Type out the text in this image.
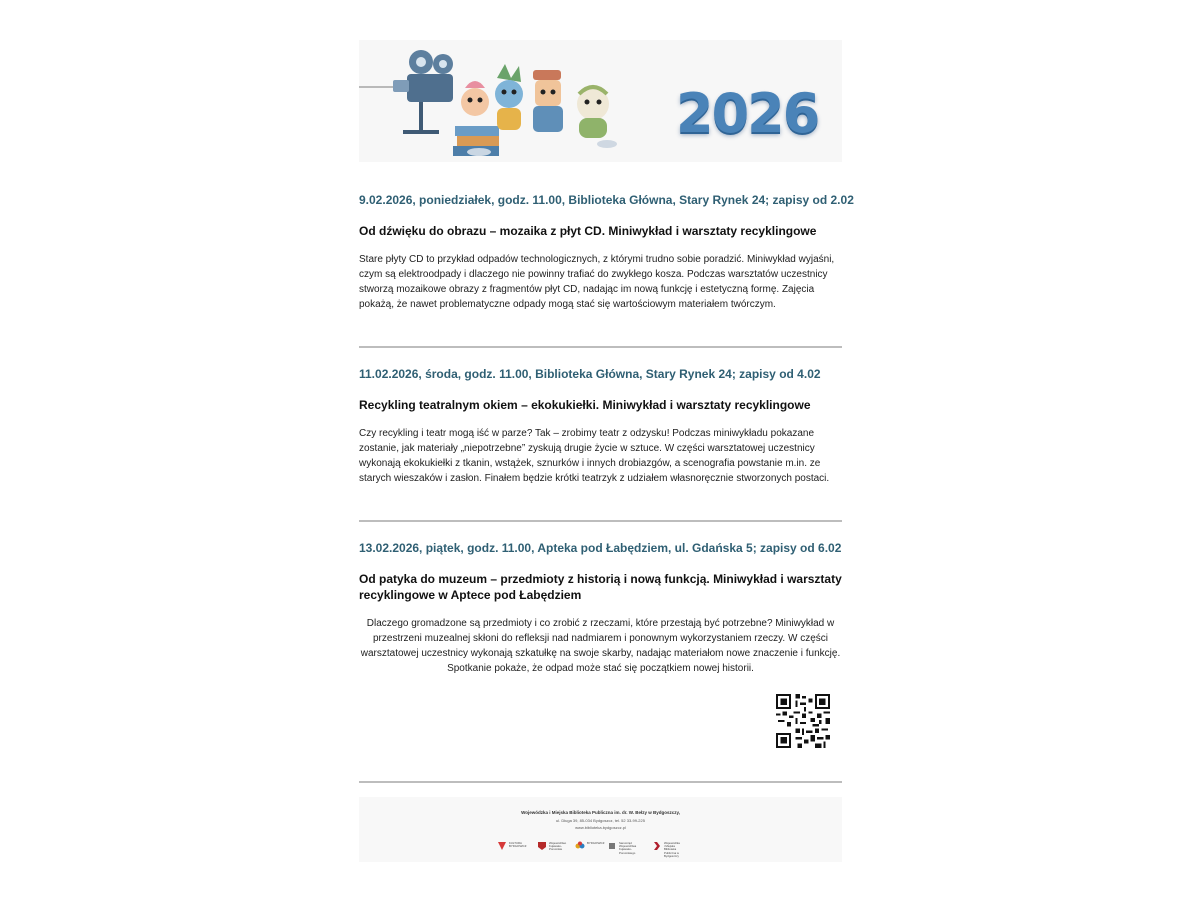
2026
9.02.2026, poniedziałek, godz. 11.00, Biblioteka Główna, Stary Rynek 24; zapisy od 2.02
Od dźwięku do obrazu – mozaika z płyt CD. Miniwykład i warsztaty recyklingowe
Stare płyty CD to przykład odpadów technologicznych, z którymi trudno sobie poradzić. Miniwykład wyjaśni, czym są elektroodpady i dlaczego nie powinny trafiać do zwykłego kosza. Podczas warsztatów uczestnicy stworzą mozaikowe obrazy z fragmentów płyt CD, nadając im nową funkcję i estetyczną formę. Zajęcia pokażą, że nawet problematyczne odpady mogą stać się wartościowym materiałem twórczym.
11.02.2026, środa, godz. 11.00, Biblioteka Główna, Stary Rynek 24; zapisy od 4.02
Recykling teatralnym okiem – ekokukiełki. Miniwykład i warsztaty recyklingowe
Czy recykling i teatr mogą iść w parze? Tak – zrobimy teatr z odzysku! Podczas miniwykładu pokazane zostanie, jak materiały „niepotrzebne” zyskują drugie życie w sztuce. W części warsztatowej uczestnicy wykonają ekokukiełki z tkanin, wstążek, sznurków i innych drobiazgów, a scenografia powstanie m.in. ze starych wieszaków i zasłon. Finałem będzie krótki teatrzyk z udziałem własnoręcznie stworzonych postaci.
13.02.2026, piątek, godz. 11.00, Apteka pod Łabędziem, ul. Gdańska 5; zapisy od 6.02
Od patyka do muzeum – przedmioty z historią i nową funkcją. Miniwykład i warsztaty recyklingowe w Aptece pod Łabędziem
Dlaczego gromadzone są przedmioty i co zrobić z rzeczami, które przestają być potrzebne? Miniwykład w przestrzeni muzealnej skłoni do refleksji nad nadmiarem i ponownym wykorzystaniem rzeczy. W części warsztatowej uczestnicy wykonają szkatułkę na swoje skarby, nadając materiałom nowe znaczenie i funkcję. Spotkanie pokaże, że odpad może stać się początkiem nowej historii.
Wojewódzka i Miejska Biblioteka Publiczna im. dr. W. Bełzy w Bydgoszczy,
ul. Długa 39, 85-034 Bydgoszcz, tel. 52 33-99-225
www.biblioteka.bydgoszcz.pl
KULTURA BYDGOSZCZ
Województwo Kujawsko-Pomorskie
BYDGOSZCZ	Samorząd Województwa Kujawsko-Pomorskiego
Wojewódzka i Miejska Biblioteka Publiczna w Bydgoszczy
